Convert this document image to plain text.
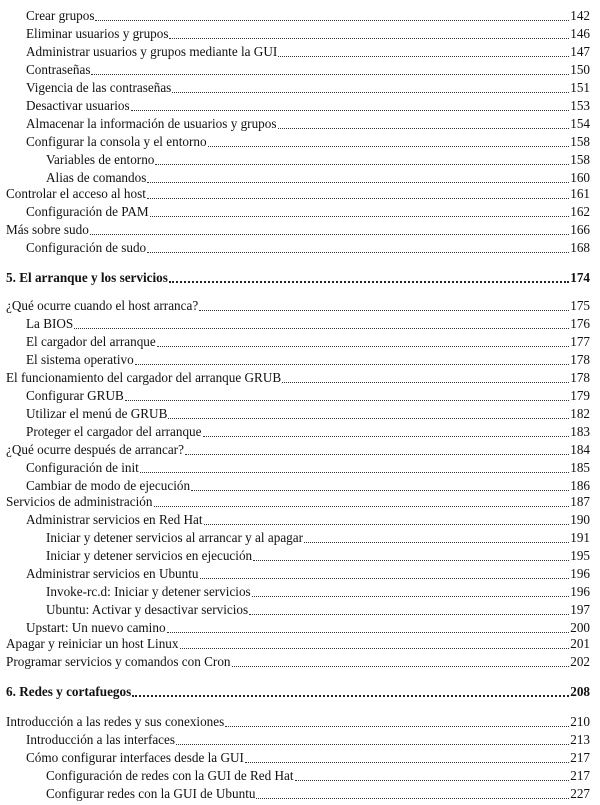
Crear grupos	142
Eliminar usuarios y grupos	146
Administrar usuarios y grupos mediante la GUI	147
Contraseñas	150
Vigencia de las contraseñas	151
Desactivar usuarios	153
Almacenar la información de usuarios y grupos	154
Configurar la consola y el entorno	158
Variables de entorno	158
Alias de comandos	160
Controlar el acceso al host	161
Configuración de PAM	162
Más sobre sudo	166
Configuración de sudo	168
5. El arranque y los servicios	174
¿Qué ocurre cuando el host arranca?	175
La BIOS	176
El cargador del arranque	177
El sistema operativo	178
El funcionamiento del cargador del arranque GRUB	178
Configurar GRUB	179
Utilizar el menú de GRUB	182
Proteger el cargador del arranque	183
¿Qué ocurre después de arrancar?	184
Configuración de init	185
Cambiar de modo de ejecución	186
Servicios de administración	187
Administrar servicios en Red Hat	190
Iniciar y detener servicios al arrancar y al apagar	191
Iniciar y detener servicios en ejecución	195
Administrar servicios en Ubuntu	196
Invoke-rc.d: Iniciar y detener servicios	196
Ubuntu: Activar y desactivar servicios	197
Upstart: Un nuevo camino	200
Apagar y reiniciar un host Linux	201
Programar servicios y comandos con Cron	202
6. Redes y cortafuegos	208
Introducción a las redes y sus conexiones	210
Introducción a las interfaces	213
Cómo configurar interfaces desde la GUI	217
Configuración de redes con la GUI de Red Hat	217
Configurar redes con la GUI de Ubuntu	227
